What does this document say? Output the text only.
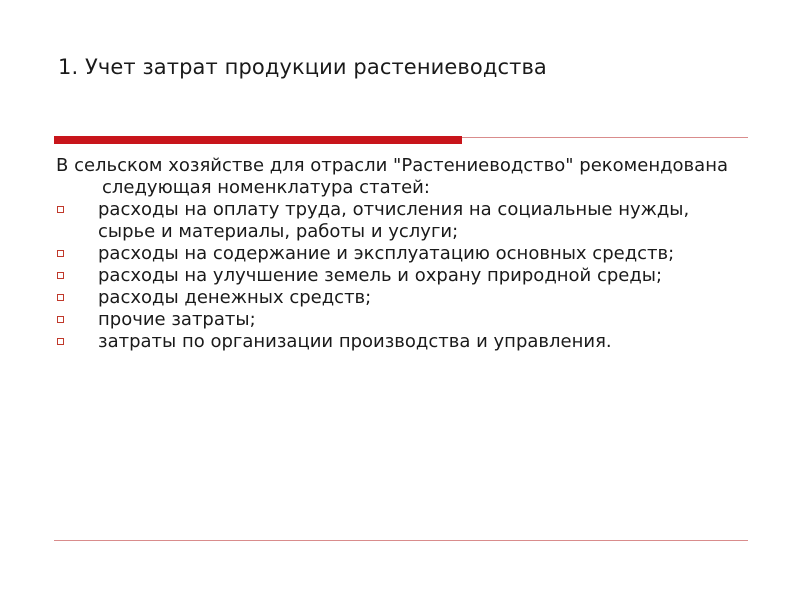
1. Учет затрат продукции растениеводства
В сельском хозяйстве для отрасли "Растениеводство" рекомендована следующая номенклатура статей:
расходы на оплату труда, отчисления на социальные нужды, сырье и материалы, работы и услуги;
расходы на содержание и эксплуатацию основных средств;
расходы на улучшение земель и охрану природной среды;
расходы денежных средств;
прочие затраты;
затраты по организации производства и управления.
